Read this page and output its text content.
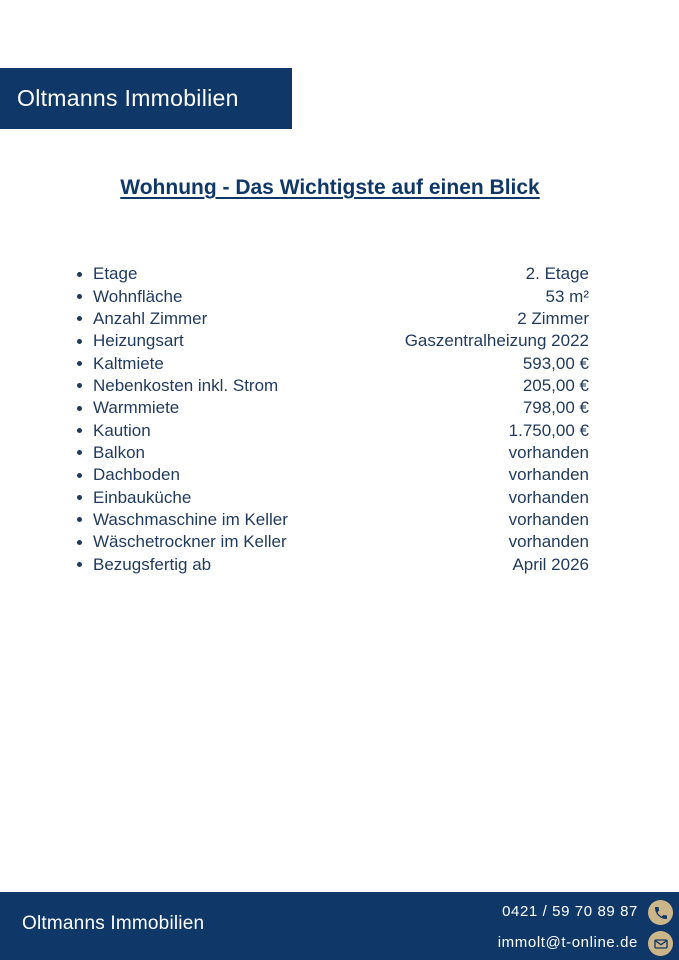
Oltmanns Immobilien
Wohnung - Das Wichtigste auf einen Blick
Etage	2. Etage
Wohnfläche	53 m²
Anzahl Zimmer	2 Zimmer
Heizungsart	Gaszentralheizung 2022
Kaltmiete	593,00 €
Nebenkosten inkl. Strom	205,00 €
Warmmiete	798,00 €
Kaution	1.750,00 €
Balkon	vorhanden
Dachboden	vorhanden
Einbauküche	vorhanden
Waschmaschine im Keller	vorhanden
Wäschetrockner im Keller	vorhanden
Bezugsfertig ab	April 2026
Oltmanns Immobilien
0421 / 59 70 89 87
immolt@t-online.de
